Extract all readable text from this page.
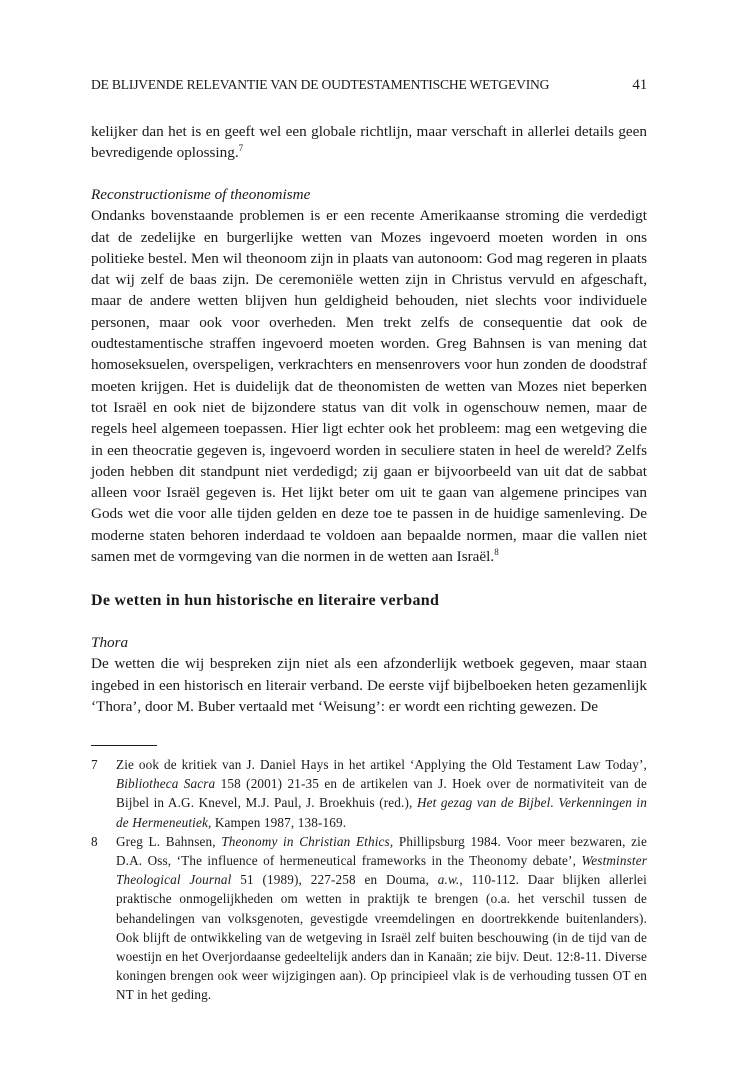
DE BLIJVENDE RELEVANTIE VAN DE OUDTESTAMENTISCHE WETGEVING	41

kelijker dan het is en geeft wel een globale richtlijn, maar verschaft in allerlei details geen bevredigende oplossing.$^7$

Reconstructionisme of theonomisme

Ondanks bovenstaande problemen is er een recente Amerikaanse stroming die verdedigt dat de zedelijke en burgerlijke wetten van Mozes ingevoerd moeten worden in ons politieke bestel. Men wil theonoom zijn in plaats van autonoom: God mag regeren in plaats dat wij zelf de baas zijn. De ceremoniële wetten zijn in Christus vervuld en afgeschaft, maar de andere wetten blijven hun geldigheid behouden, niet slechts voor individuele personen, maar ook voor overheden. Men trekt zelfs de consequentie dat ook de oudtestamentische straffen ingevoerd moeten worden. Greg Bahnsen is van mening dat homoseksuelen, overspeligen, verkrachters en mensenrovers voor hun zonden de doodstraf moeten krijgen. Het is duidelijk dat de theonomisten de wetten van Mozes niet beperken tot Israël en ook niet de bijzondere status van dit volk in ogenschouw nemen, maar de regels heel algemeen toepassen. Hier ligt echter ook het probleem: mag een wetgeving die in een theocratie gegeven is, ingevoerd worden in seculiere staten in heel de wereld? Zelfs joden hebben dit standpunt niet verdedigd; zij gaan er bijvoorbeeld van uit dat de sabbat alleen voor Israël gegeven is. Het lijkt beter om uit te gaan van algemene principes van Gods wet die voor alle tijden gelden en deze toe te passen in de huidige samenleving. De moderne staten behoren inderdaad te voldoen aan bepaalde normen, maar die vallen niet samen met de vormgeving van die normen in de wetten aan Israël.$^8$

De wetten in hun historische en literaire verband

Thora

De wetten die wij bespreken zijn niet als een afzonderlijk wetboek gegeven, maar staan ingebed in een historisch en literair verband. De eerste vijf bijbelboeken heten gezamenlijk ‘Thora’, door M. Buber vertaald met ‘Weisung’: er wordt een richting gewezen. De

7	Zie ook de kritiek van J. Daniel Hays in het artikel ‘Applying the Old Testament Law Today’, Bibliotheca Sacra 158 (2001) 21-35 en de artikelen van J. Hoek over de normativiteit van de Bijbel in A.G. Knevel, M.J. Paul, J. Broekhuis (red.), Het gezag van de Bijbel. Verkenningen in de Hermeneutiek, Kampen 1987, 138-169.

8	Greg L. Bahnsen, Theonomy in Christian Ethics, Phillipsburg 1984. Voor meer bezwaren, zie D.A. Oss, ‘The influence of hermeneutical frameworks in the Theonomy debate’, Westminster Theological Journal 51 (1989), 227-258 en Douma, a.w., 110-112. Daar blijken allerlei praktische onmogelijkheden om wetten in praktijk te brengen (o.a. het verschil tussen de behandelingen van volksgenoten, gevestigde vreemdelingen en doortrekkende buitenlanders). Ook blijft de ontwikkeling van de wetgeving in Israël zelf buiten beschouwing (in de tijd van de woestijn en het Overjordaanse gedeeltelijk anders dan in Kanaän; zie bijv. Deut. 12:8-11. Diverse koningen brengen ook weer wijzigingen aan). Op principieel vlak is de verhouding tussen OT en NT in het geding.
